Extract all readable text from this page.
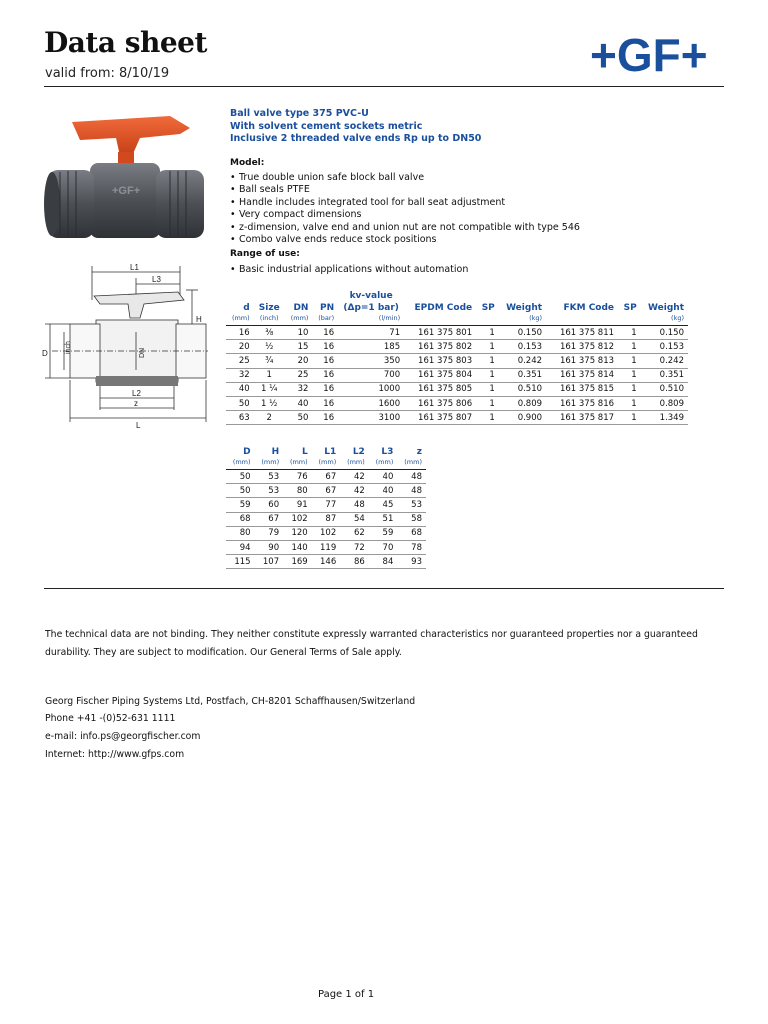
Data sheet
valid from: 8/10/19	+GF+
+GF+
L1
L3
H
D inch	DN
L2
z
L
Ball valve type 375 PVC-U
With solvent cement sockets metric
Inclusive 2 threaded valve ends Rp up to DN50
Model:
• True double union safe block ball valve
• Ball seals PTFE
• Handle includes integrated tool for ball seat adjustment
• Very compact dimensions
• z-dimension, valve end and union nut are not compatible with type 546
• Combo valve ends reduce stock positions
Range of use:
• Basic industrial applications without automation
d	Size	DN	PN	kv-value (Δp=1 bar)	EPDM Code	SP	Weight	FKM Code	SP	Weight
(mm)	(inch)	(mm)	(bar)	(l/min)			(kg)			(kg)
16	⅜	10	16	71	161 375 801	1	0.150	161 375 811	1	0.150
20	½	15	16	185	161 375 802	1	0.153	161 375 812	1	0.153
25	¾	20	16	350	161 375 803	1	0.242	161 375 813	1	0.242
32	1	25	16	700	161 375 804	1	0.351	161 375 814	1	0.351
40	1 ¼	32	16	1000	161 375 805	1	0.510	161 375 815	1	0.510
50	1 ½	40	16	1600	161 375 806	1	0.809	161 375 816	1	0.809
63	2	50	16	3100	161 375 807	1	0.900	161 375 817	1	1.349
D	H	L	L1	L2	L3	z
(mm)	(mm)	(mm)	(mm)	(mm)	(mm)	(mm)
50	53	76	67	42	40	48
50	53	80	67	42	40	48
59	60	91	77	48	45	53
68	67	102	87	54	51	58
80	79	120	102	62	59	68
94	90	140	119	72	70	78
115	107	169	146	86	84	93
The technical data are not binding. They neither constitute expressly warranted characteristics nor guaranteed properties nor a guaranteed durability. They are subject to modification. Our General Terms of Sale apply.
Georg Fischer Piping Systems Ltd, Postfach, CH-8201 Schaffhausen/Switzerland
Phone +41 -(0)52-631 1111
e-mail: info.ps@georgfischer.com
Internet: http://www.gfps.com
Page 1 of 1
